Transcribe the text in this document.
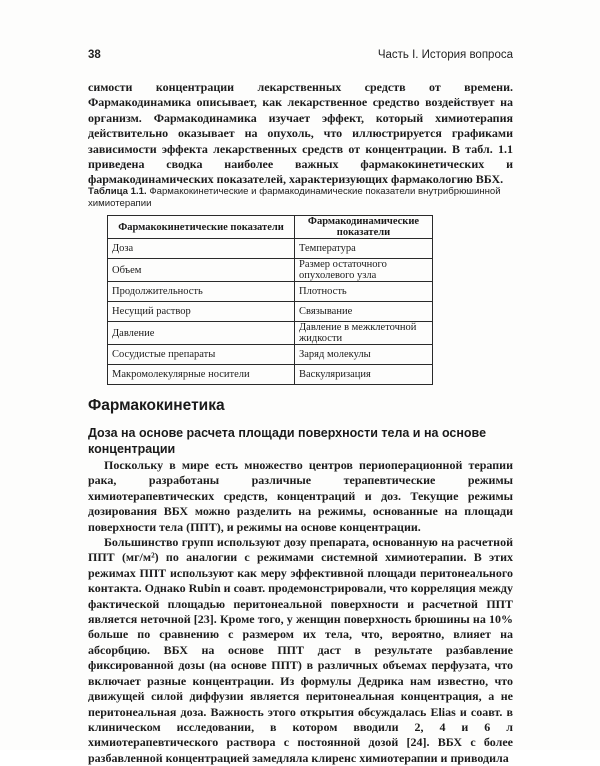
38	Часть I. История вопроса
симости концентрации лекарственных средств от времени. Фармакодинамика описывает, как лекарственное средство воздействует на организм. Фармакодинамика изучает эффект, который химиотерапия действительно оказывает на опухоль, что иллюстрируется графиками зависимости эффекта лекарственных средств от концентрации. В табл. 1.1 приведена сводка наиболее важных фармакокинетических и фармакодинамических показателей, характеризующих фармакологию ВБХ.
Таблица 1.1. Фармакокинетические и фармакодинамические показатели внутрибрюшинной химиотерапии
Фармакокинетические показатели	Фармакодинамические показатели
Доза	Температура
Объем	Размер остаточного опухолевого узла
Продолжительность	Плотность
Несущий раствор	Связывание
Давление	Давление в межклеточной жидкости
Сосудистые препараты	Заряд молекулы
Макромолекулярные носители	Васкуляризация
Фармакокинетика
Доза на основе расчета площади поверхности тела и на основе концентрации

Поскольку в мире есть множество центров периоперационной терапии рака, разработаны различные терапевтические режимы химиотерапевтических средств, концентраций и доз. Текущие режимы дозирования ВБХ можно разделить на режимы, основанные на площади поверхности тела (ППТ), и режимы на основе концентрации.

Большинство групп используют дозу препарата, основанную на расчетной ППТ (мг/м²) по аналогии с режимами системной химиотерапии. В этих режимах ППТ используют как меру эффективной площади перитонеального контакта. Однако Rubin и соавт. продемонстрировали, что корреляция между фактической площадью перитонеальной поверхности и расчетной ППТ является неточной [23]. Кроме того, у женщин поверхность брюшины на 10% больше по сравнению с размером их тела, что, вероятно, влияет на абсорбцию. ВБХ на основе ППТ даст в результате разбавление фиксированной дозы (на основе ППТ) в различных объемах перфузата, что включает разные концентрации. Из формулы Дедрика нам известно, что движущей силой диффузии является перитонеальная концентрация, а не перитонеальная доза. Важность этого открытия обсуждалась Elias и соавт. в клиническом исследовании, в котором вводили 2, 4 и 6 л химиотерапевтического раствора с постоянной дозой [24]. ВБХ с более разбавленной концентрацией замедляла клиренс химиотерапии и приводила
